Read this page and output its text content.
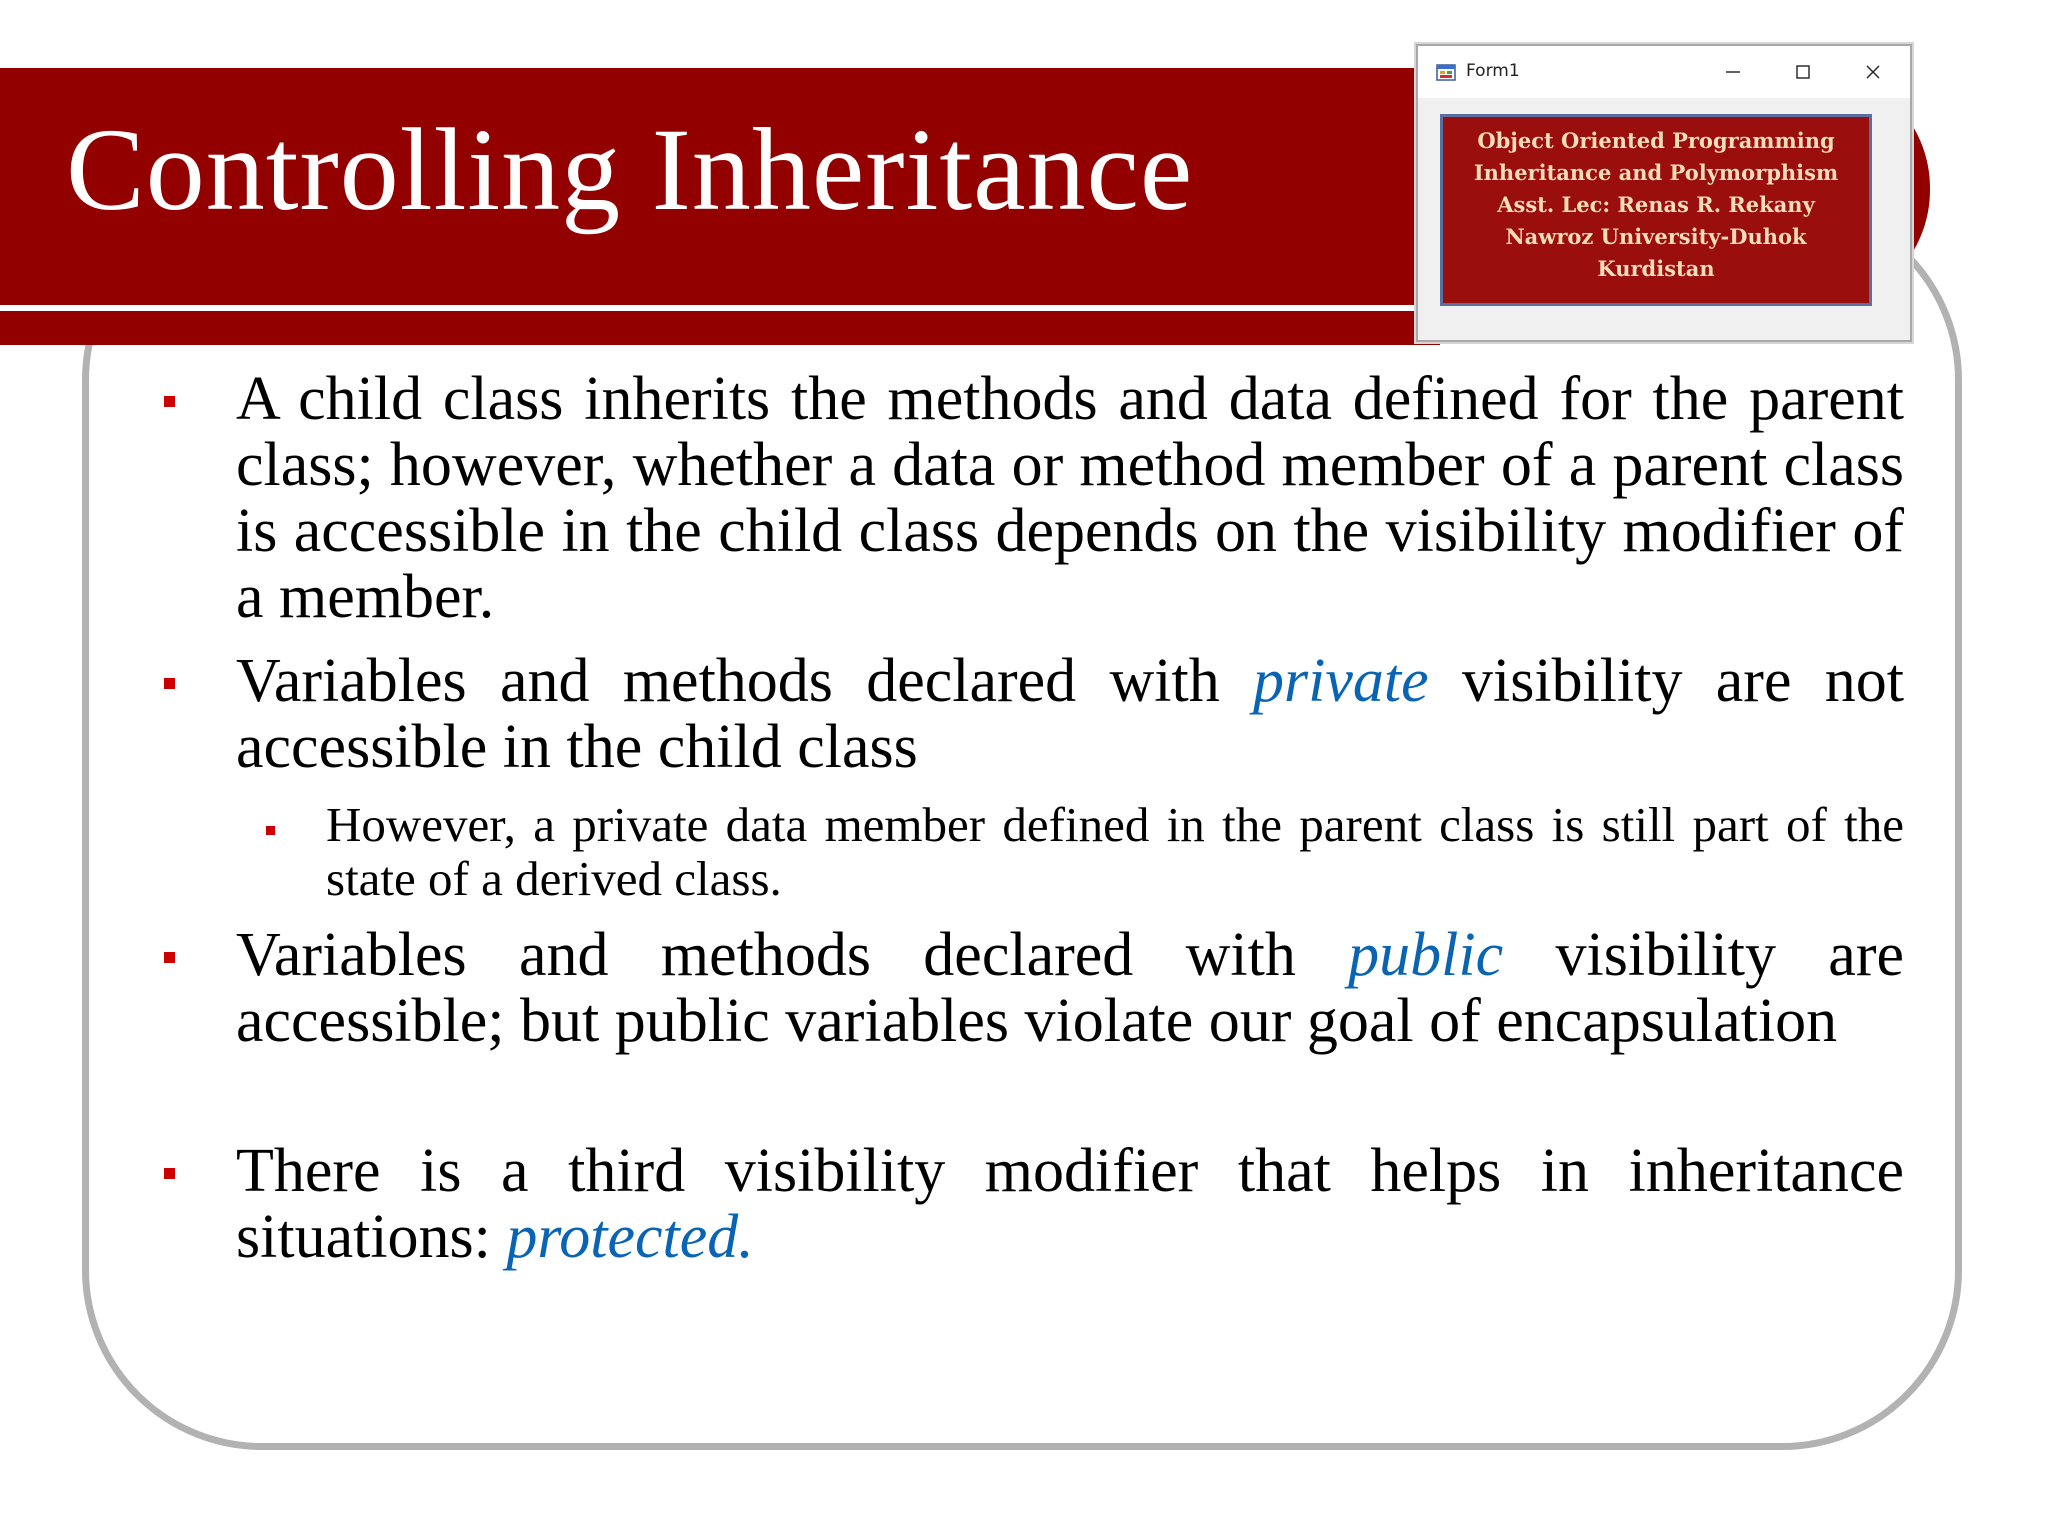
Controlling Inheritance
A child class inherits the methods and data defined for the parent class; however, whether a data or method member of a parent class is accessible in the child class depends on the visibility modifier of a member.
Variables and methods declared with private visibility are not accessible in the child class
However, a private data member defined in the parent class is still part of the state of a derived class.
Variables and methods declared with public visibility are accessible; but public variables violate our goal of encapsulation
There is a third visibility modifier that helps in inheritance situations: protected.
Form1
Object Oriented Programming
Inheritance and Polymorphism
Asst. Lec: Renas R. Rekany
Nawroz University-Duhok
Kurdistan
